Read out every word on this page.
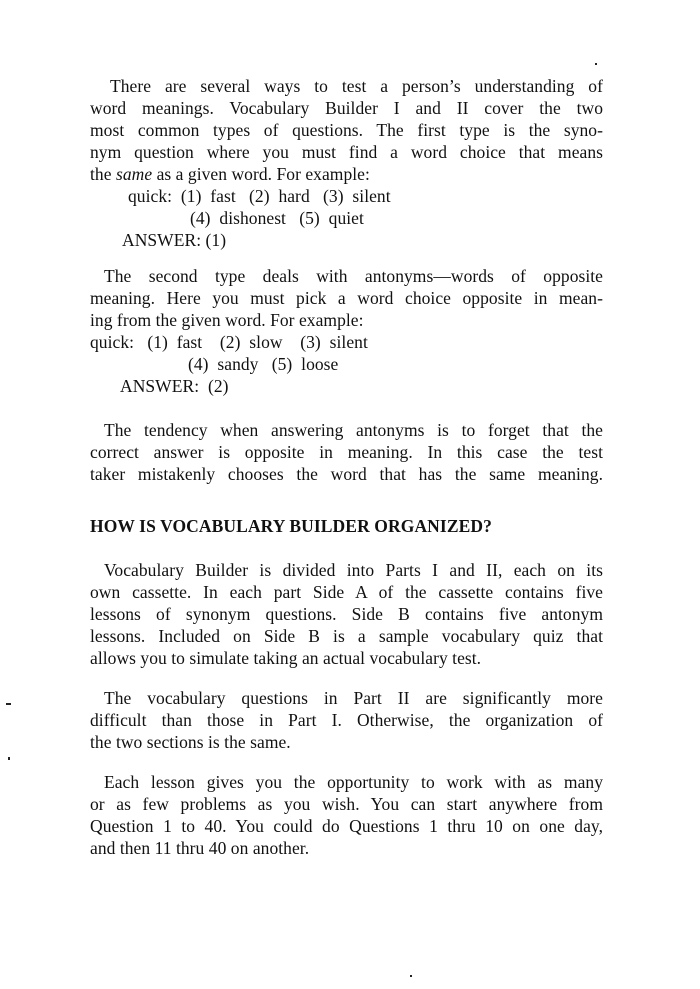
There are several ways to test a person’s understanding of
word meanings. Vocabulary Builder I and II cover the two
most common types of questions. The first type is the syno-
nym question where you must find a word choice that means
the same as a given word. For example:
quick:  (1)  fast   (2)  hard   (3)  silent
(4)  dishonest   (5)  quiet
ANSWER: (1)
The second type deals with antonyms—words of opposite
meaning. Here you must pick a word choice opposite in mean-
ing from the given word. For example:
quick:   (1)  fast    (2)  slow    (3)  silent
(4)  sandy   (5)  loose
ANSWER:  (2)
The tendency when answering antonyms is to forget that the
correct answer is opposite in meaning. In this case the test
taker mistakenly chooses the word that has the same meaning.
HOW IS VOCABULARY BUILDER ORGANIZED?
Vocabulary Builder is divided into Parts I and II, each on its
own cassette. In each part Side A of the cassette contains five
lessons of synonym questions. Side B contains five antonym
lessons. Included on Side B is a sample vocabulary quiz that
allows you to simulate taking an actual vocabulary test.
The vocabulary questions in Part II are significantly more
difficult than those in Part I. Otherwise, the organization of
the two sections is the same.
Each lesson gives you the opportunity to work with as many
or as few problems as you wish. You can start anywhere from
Question 1 to 40. You could do Questions 1 thru 10 on one day,
and then 11 thru 40 on another.
